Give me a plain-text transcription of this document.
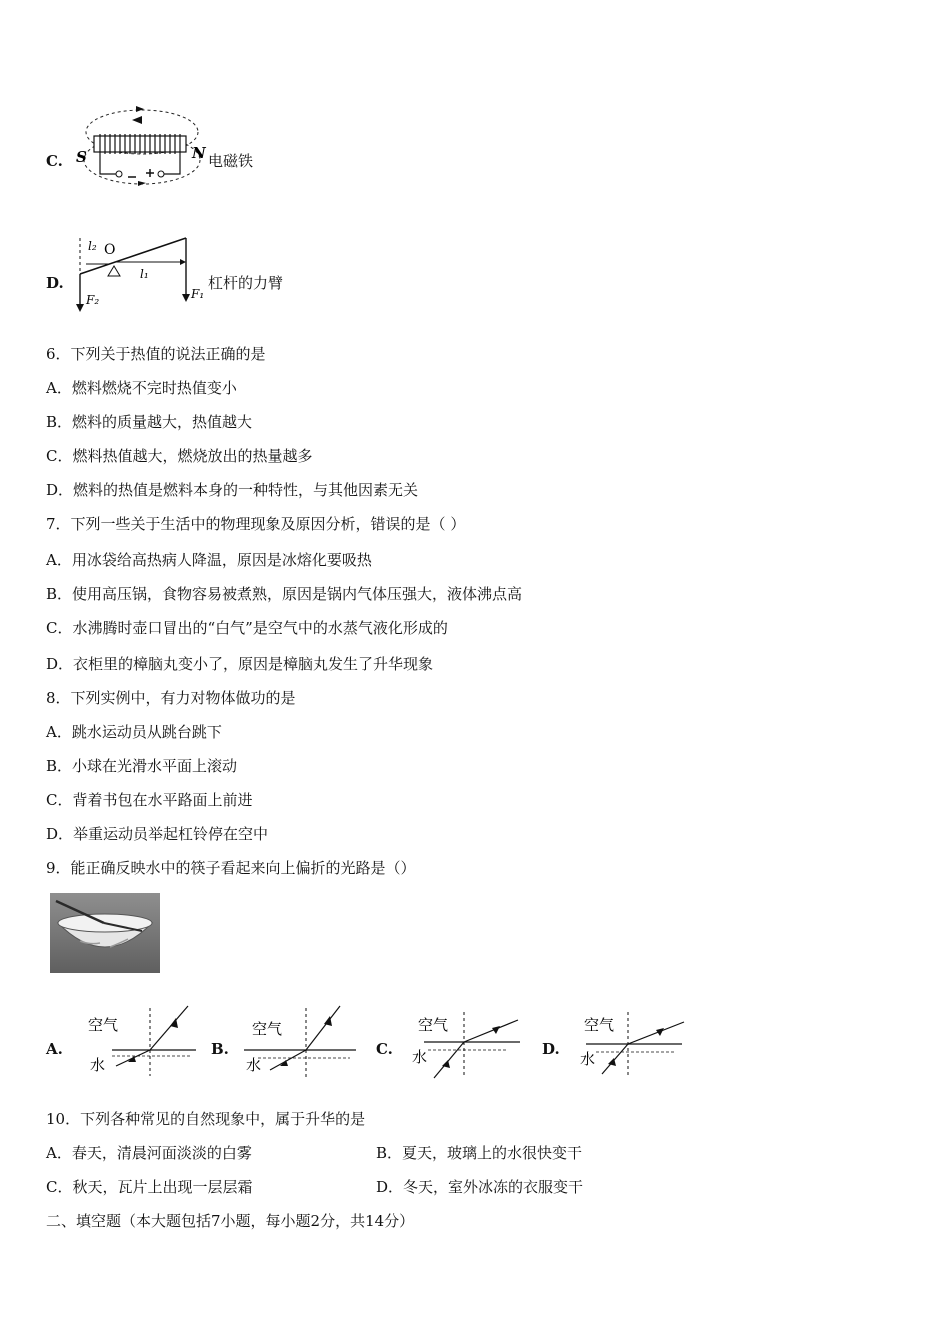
C. S	N 电磁铁
D.
l₂ O
l₁
F₂	F₁
杠杆的力臂
6．下列关于热值的说法正确的是
A．燃料燃烧不完时热值变小
B．燃料的质量越大，热值越大
C．燃料热值越大，燃烧放出的热量越多
D．燃料的热值是燃料本身的一种特性，与其他因素无关
7．下列一些关于生活中的物理现象及原因分析，错误的是（ ）
A．用冰袋给高热病人降温，原因是冰熔化要吸热
B．使用高压锅，食物容易被煮熟，原因是锅内气体压强大，液体沸点高
C．水沸腾时壶口冒出的“白气”是空气中的水蒸气液化形成的
D．衣柜里的樟脑丸变小了，原因是樟脑丸发生了升华现象
8．下列实例中，有力对物体做功的是
A．跳水运动员从跳台跳下
B．小球在光滑水平面上滚动
C．背着书包在水平路面上前进
D．举重运动员举起杠铃停在空中
9．能正确反映水中的筷子看起来向上偏折的光路是（）
A.
空气
水
B.
空气
水
C.
空气
水	D.
空气
水
10．下列各种常见的自然现象中，属于升华的是
A．春天，清晨河面淡淡的白雾	B．夏天，玻璃上的水很快变干
C．秋天，瓦片上出现一层层霜	D．冬天，室外冰冻的衣服变干
二、填空题（本大题包括7小题，每小题2分，共14分）
